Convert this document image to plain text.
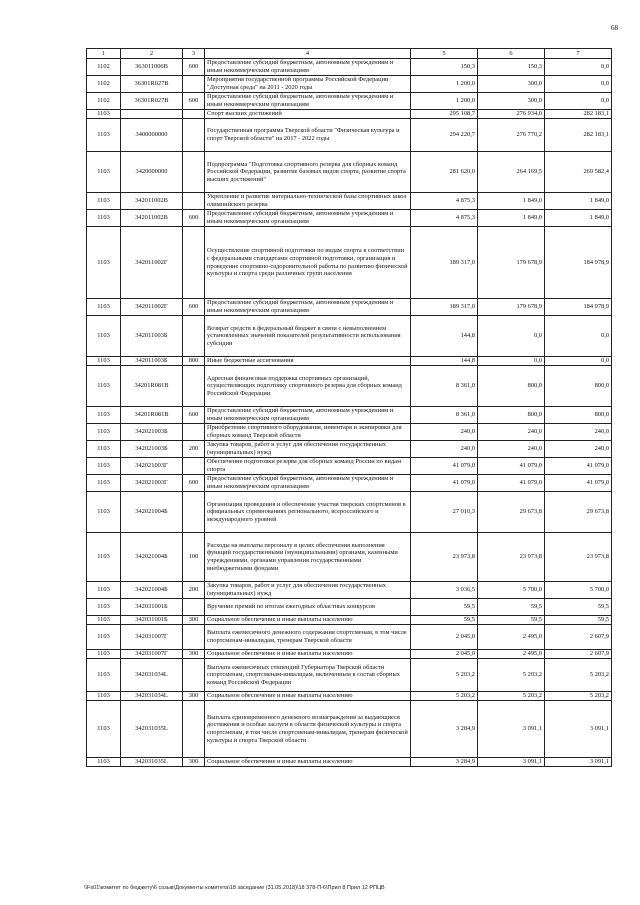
68
1	2	3	4	5	6	7
1102	363011006B	600	Предоставление субсидий бюджетным, автономным учреждениям и иным некоммерческим организациям	150,3	150,3	0,0
1102	36301R027B		Мероприятия государственной программы Российской Федерации "Доступная среда" на 2011 - 2020 годы	1 200,0	300,0	0,0
1102	36301R027B	600	Предоставление субсидий бюджетным, автономным учреждениям и иным некоммерческим организациям	1 200,0	300,0	0,0
1103			Спорт высших достижений	295 108,7	276 934,0	282 183,1
1103	3400000000		Государственная программа Тверской области "Физическая культура и спорт Тверской области" на 2017 - 2022 годы	294 220,7	276 770,2	282 183,1
1103	3420000000		Подпрограмма "Подготовка спортивного резерва для сборных команд Российской Федерации, развитие базовых видов спорта, развитие спорта высших достижений"	281 620,0	264 169,5	269 582,4
1103	342011002B		Укрепление и развитие материально-технической базы спортивных школ олимпийского резерва	4 875,3	1 849,0	1 849,0
1103	342011002B	600	Предоставление субсидий бюджетным, автономным учреждениям и иным некоммерческим организациям	4 875,3	1 849,0	1 849,0
1103	342011002Г		Осуществление спортивной подготовки по видам спорта в соответствии с федеральными стандартами спортивной подготовки, организация и проведение спортивно-оздоровительной работы по развитию физической культуры и спорта среди различных групп населения	189 317,0	179 678,9	184 978,9
1103	342011002Г	600	Предоставление субсидий бюджетным, автономным учреждениям и иным некоммерческим организациям	189 317,0	179 678,9	184 978,9
1103	342011003Б		Возврат средств в федеральный бюджет в связи с невыполнением установленных значений показателей результативности использования субсидии	144,8	0,0	0,0
1103	342011003Б	800	Иные бюджетные ассигнования	144,8	0,0	0,0
1103	34201R081B		Адресная финансовая поддержка спортивных организаций, осуществляющих подготовку спортивного резерва для сборных команд Российской Федерации	8 361,0	800,0	800,0
1103	34201R081B	600	Предоставление субсидий бюджетным, автономным учреждениям и иным некоммерческим организациям	8 361,0	800,0	800,0
1103	342021003Б		Приобретение спортивного оборудования, инвентаря и экипировки для сборных команд Тверской области	240,0	240,0	240,0
1103	342021003Б	200	Закупка товаров, работ и услуг для обеспечения государственных (муниципальных) нужд	240,0	240,0	240,0
1103	342021003Г		Обеспечение подготовки резерва для сборных команд России по видам спорта	41 079,0	41 079,0	41 079,0
1103	342021003Г	600	Предоставление субсидий бюджетным, автономным учреждениям и иным некоммерческим организациям	41 079,0	41 079,0	41 079,0
1103	342021004Б		Организация проведения и обеспечение участия тверских спортсменов в официальных соревнованиях регионального, всероссийского и международного уровней	27 010,3	29 673,8	29 673,8
1103	342021004Б	100	Расходы на выплаты персоналу в целях обеспечения выполнения функций государственными (муниципальными) органами, казенными учреждениями, органами управления государственными внебюджетными фондами	23 973,8	23 973,8	23 973,8
1103	342021004Б	200	Закупка товаров, работ и услуг для обеспечения государственных (муниципальных) нужд	3 036,5	5 700,0	5 700,0
1103	342031001Б		Вручение премий по итогам ежегодных областных конкурсов	59,5	59,5	59,5
1103	342031001Б	300	Социальное обеспечение и иные выплаты населению	59,5	59,5	59,5
1103	342031007Г		Выплата ежемесячного денежного содержания спортсменам, в том числе спортсменам-инвалидам, тренерам Тверской области	2 045,0	2 495,0	2 607,9
1103	342031007Г	300	Социальное обеспечение и иные выплаты населению	2 045,0	2 495,0	2 607,9
1103	342031034L		Выплата ежемесячных стипендий Губернатора Тверской области спортсменам, спортсменам-инвалидам, включенным в состав сборных команд Российской Федерации	5 203,2	5 203,2	5 203,2
1103	342031034L	300	Социальное обеспечение и иные выплаты населению	5 203,2	5 203,2	5 203,2
1103	342031035L		Выплата единовременного денежного вознаграждения за выдающиеся достижения и особые заслуги в области физической культуры и спорта спортсменам, в том числе спортсменам-инвалидам, тренерам физической культуры и спорта Тверской области	3 284,9	3 091,1	3 091,1
1103	342031035L	300	Социальное обеспечение и иные выплаты населению	3 284,9	3 091,1	3 091,1
\\Fs01\комитет по бюджету\6 созыв\Документы комитета\18 заседание (31.05.2018)\18 378-П-6\Прил 8 Прил 12 РПЦВ
